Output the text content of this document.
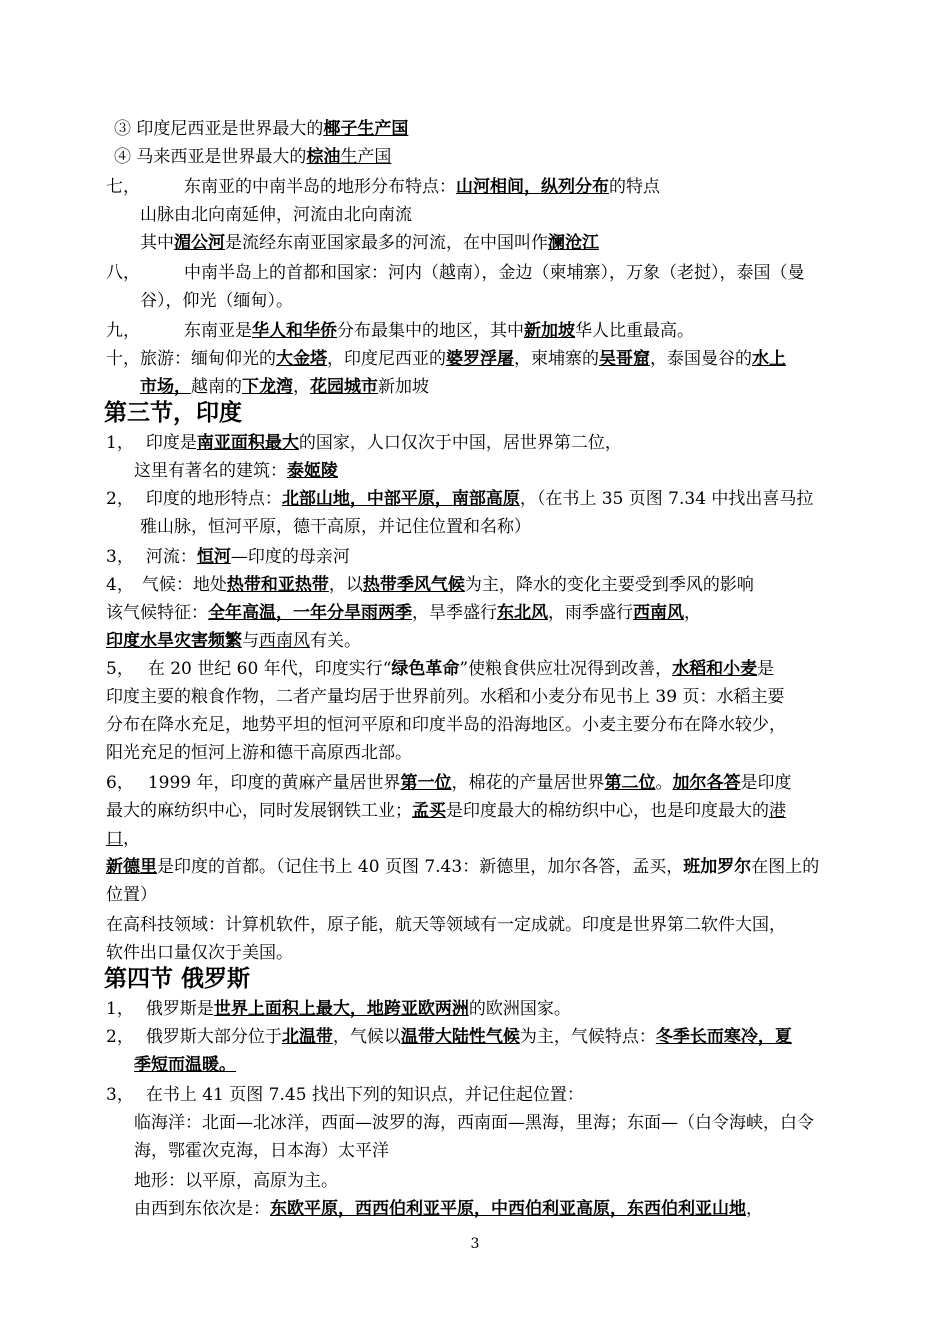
③ 印度尼西亚是世界最大的椰子生产国
④ 马来西亚是世界最大的棕油生产国
七，	东南亚的中南半岛的地形分布特点：山河相间，纵列分布的特点
山脉由北向南延伸，河流由北向南流
其中湄公河是流经东南亚国家最多的河流，在中国叫作澜沧江
八，	中南半岛上的首都和国家：河内（越南），金边（柬埔寨），万象（老挝），泰国（曼
谷），仰光（缅甸）。
九，	东南亚是华人和华侨分布最集中的地区，其中新加坡华人比重最高。
十，旅游：缅甸仰光的大金塔，印度尼西亚的婆罗浮屠，柬埔寨的吴哥窟，泰国曼谷的水上
市场，越南的下龙湾，花园城市新加坡
第三节，印度
1， 印度是南亚面积最大的国家，人口仅次于中国，居世界第二位，
这里有著名的建筑：泰姬陵
2， 印度的地形特点：北部山地，中部平原，南部高原，（在书上 35 页图 7.34 中找出喜马拉
雅山脉，恒河平原，德干高原，并记住位置和名称）
3， 河流：恒河—印度的母亲河
4， 气候：地处热带和亚热带，以热带季风气候为主，降水的变化主要受到季风的影响
该气候特征：全年高温，一年分旱雨两季，旱季盛行东北风，雨季盛行西南风，
印度水旱灾害频繁与西南风有关。
5， 在 20 世纪 60 年代，印度实行“绿色革命”使粮食供应壮况得到改善，水稻和小麦是
印度主要的粮食作物，二者产量均居于世界前列。水稻和小麦分布见书上 39 页：水稻主要
分布在降水充足，地势平坦的恒河平原和印度半岛的沿海地区。小麦主要分布在降水较少，
阳光充足的恒河上游和德干高原西北部。
6， 1999 年，印度的黄麻产量居世界第一位，棉花的产量居世界第二位。加尔各答是印度
最大的麻纺织中心，同时发展钢铁工业；孟买是印度最大的棉纺织中心，也是印度最大的港
口，
新德里是印度的首都。（记住书上 40 页图 7.43：新德里，加尔各答，孟买，班加罗尔在图上的
位置）
在高科技领域：计算机软件，原子能，航天等领域有一定成就。印度是世界第二软件大国，
软件出口量仅次于美国。
第四节 俄罗斯
1， 俄罗斯是世界上面积上最大，地跨亚欧两洲的欧洲国家。
2， 俄罗斯大部分位于北温带，气候以温带大陆性气候为主，气候特点：冬季长而寒冷，夏
季短而温暖。
3， 在书上 41 页图 7.45 找出下列的知识点，并记住起位置：
临海洋：北面—北冰洋，西面—波罗的海，西南面—黑海，里海；东面—（白令海峡，白令
海，鄂霍次克海，日本海）太平洋
地形：以平原，高原为主。
由西到东依次是：东欧平原，西西伯利亚平原，中西伯利亚高原，东西伯利亚山地，
3
